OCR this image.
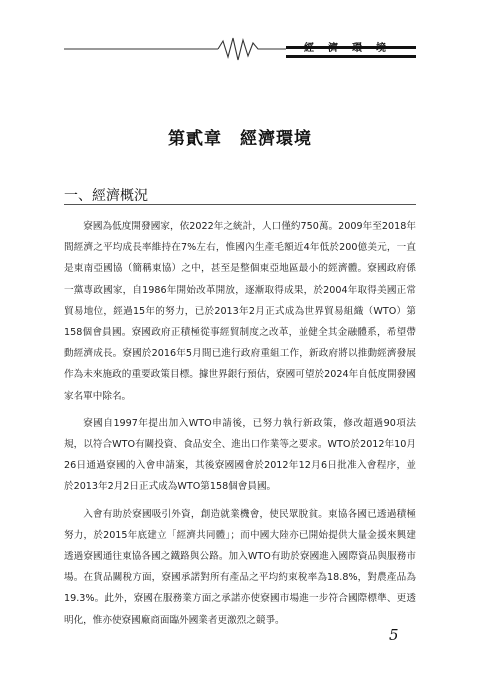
經濟環境
第貳章　經濟環境
一、經濟概況

寮國為低度開發國家，依2022年之統計，人口僅約750萬。2009年至2018年間經濟之平均成長率維持在7%左右，惟國內生產毛額近4年低於200億美元，一直是東南亞國協（簡稱東協）之中，甚至是整個東亞地區最小的經濟體。寮國政府係一黨專政國家，自1986年開始改革開放，逐漸取得成果，於2004年取得美國正常貿易地位，經過15年的努力，已於2013年2月正式成為世界貿易組織（WTO）第158個會員國。寮國政府正積極從事經貿制度之改革，並健全其金融體系，希望帶動經濟成長。寮國於2016年5月間已進行政府重組工作，新政府將以推動經濟發展作為未來施政的重要政策目標。據世界銀行預估，寮國可望於2024年自低度開發國家名單中除名。

寮國自1997年提出加入WTO申請後，已努力執行新政策，修改超過90項法規，以符合WTO有關投資、食品安全、進出口作業等之要求。WTO於2012年10月26日通過寮國的入會申請案，其後寮國國會於2012年12月6日批准入會程序，並於2013年2月2日正式成為WTO第158個會員國。

入會有助於寮國吸引外資，創造就業機會，使民眾脫貧。東協各國已透過積極努力，於2015年底建立「經濟共同體」；而中國大陸亦已開始提供大量金援來興建透過寮國通往東協各國之鐵路與公路。加入WTO有助於寮國進入國際資品與服務市場。在貨品關稅方面，寮國承諾對所有產品之平均約束稅率為18.8%，對農產品為19.3%。此外，寮國在服務業方面之承諾亦使寮國市場進一步符合國際標準、更透明化，惟亦使寮國廠商面臨外國業者更激烈之競爭。

5
